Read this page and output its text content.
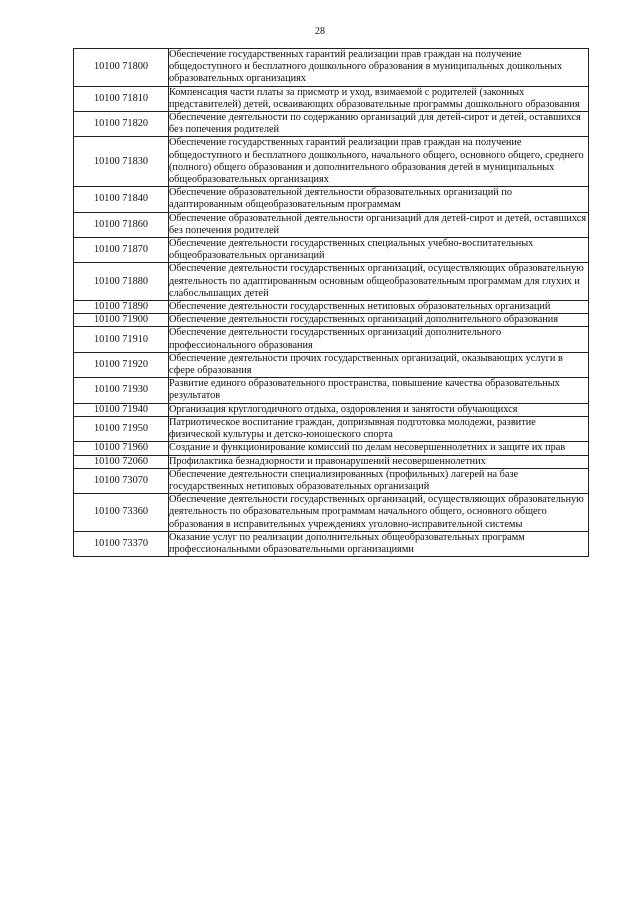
28
10100 71800	Обеспечение государственных гарантий реализации прав граждан на получение общедоступного и бесплатного дошкольного образования в муниципальных дошкольных образовательных организациях
10100 71810	Компенсация части платы за присмотр и уход, взимаемой с родителей (законных представителей) детей, осваивающих образовательные программы дошкольного образования
10100 71820	Обеспечение деятельности по содержанию организаций для детей-сирот и детей, оставшихся без попечения родителей
10100 71830	Обеспечение государственных гарантий реализации прав граждан на получение общедоступного и бесплатного дошкольного, начального общего, основного общего, среднего (полного) общего образования и дополнительного образования детей в муниципальных общеобразовательных организациях
10100 71840	Обеспечение образовательной деятельности образовательных организаций по адаптированным общеобразовательным программам
10100 71860	Обеспечение образовательной деятельности организаций для детей-сирот и детей, оставшихся без попечения родителей
10100 71870	Обеспечение деятельности государственных специальных учебно-воспитательных общеобразовательных организаций
10100 71880	Обеспечение деятельности государственных организаций, осуществляющих образовательную деятельность по адаптированным основным общеобразовательным программам для глухих и слабослышащих детей
10100 71890	Обеспечение деятельности государственных нетиповых образовательных организаций
10100 71900	Обеспечение деятельности государственных организаций дополнительного образования
10100 71910	Обеспечение деятельности государственных организаций дополнительного профессионального образования
10100 71920	Обеспечение деятельности прочих государственных организаций, оказывающих услуги в сфере образования
10100 71930	Развитие единого образовательного пространства, повышение качества образовательных результатов
10100 71940	Организация круглогодичного отдыха, оздоровления и занятости обучающихся
10100 71950	Патриотическое воспитание граждан, допризывная подготовка молодежи, развитие физической культуры и детско-юношеского спорта
10100 71960	Создание и функционирование комиссий по делам несовершеннолетних и защите их прав
10100 72060	Профилактика безнадзорности и правонарушений несовершеннолетних
10100 73070	Обеспечение деятельности специализированных (профильных) лагерей на базе государственных нетиповых образовательных организаций
10100 73360	Обеспечение деятельности государственных организаций, осуществляющих образовательную деятельность по образовательным программам начального общего, основного общего образования в исправительных учреждениях уголовно-исправительной системы
10100 73370	Оказание услуг по реализации дополнительных общеобразовательных программ профессиональными образовательными организациями
